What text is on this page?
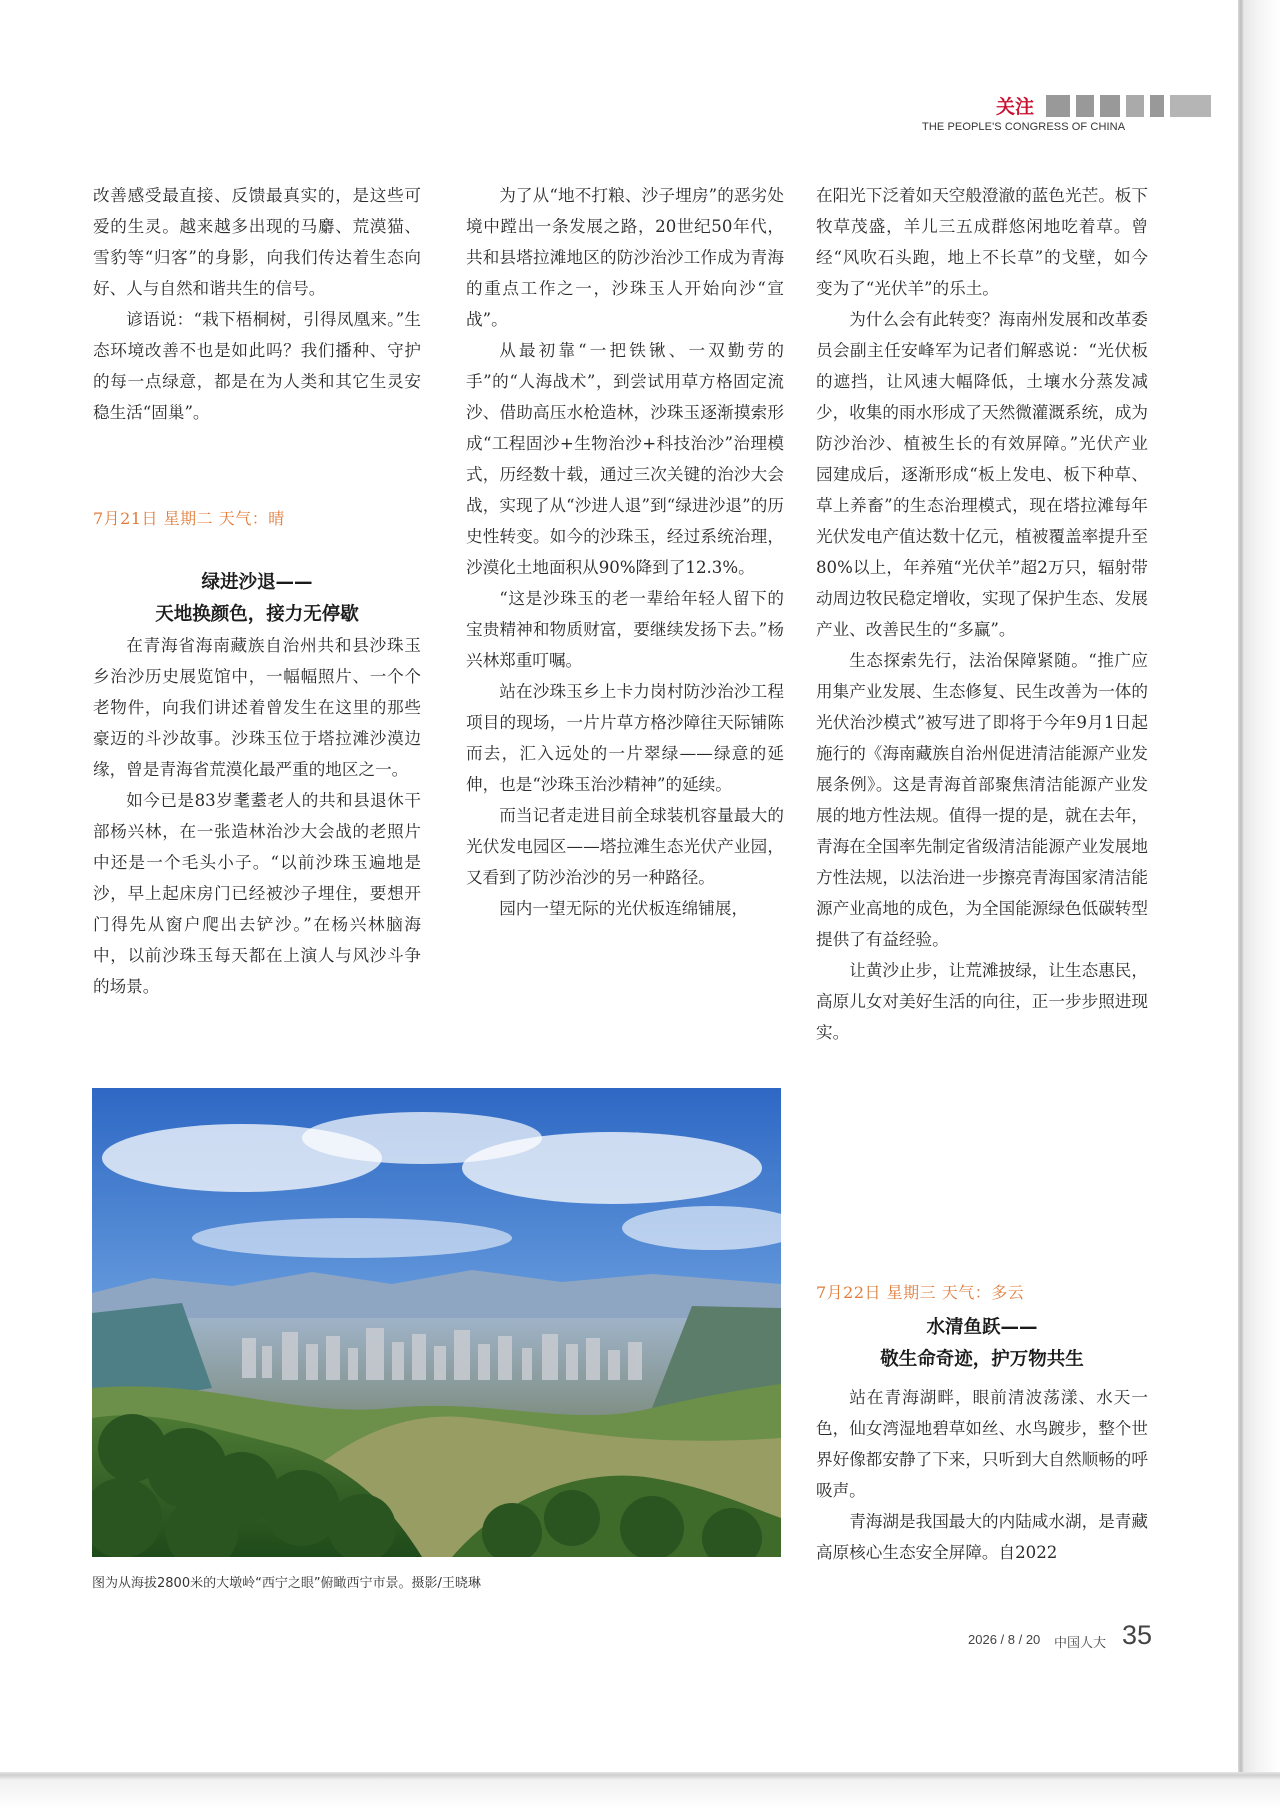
关注
THE PEOPLE'S CONGRESS OF CHINA

改善感受最直接、反馈最真实的，是这些可爱的生灵。越来越多出现的马麝、荒漠猫、雪豹等“归客”的身影，向我们传达着生态向好、人与自然和谐共生的信号。

谚语说：“栽下梧桐树，引得凤凰来。”生态环境改善不也是如此吗？我们播种、守护的每一点绿意，都是在为人类和其它生灵安稳生活“固巢”。

7月21日 星期二 天气：晴
绿进沙退——
天地换颜色，接力无停歇

在青海省海南藏族自治州共和县沙珠玉乡治沙历史展览馆中，一幅幅照片、一个个老物件，向我们讲述着曾发生在这里的那些豪迈的斗沙故事。沙珠玉位于塔拉滩沙漠边缘，曾是青海省荒漠化最严重的地区之一。

如今已是83岁耄耋老人的共和县退休干部杨兴林，在一张造林治沙大会战的老照片中还是一个毛头小子。“以前沙珠玉遍地是沙，早上起床房门已经被沙子埋住，要想开门得先从窗户爬出去铲沙。”在杨兴林脑海中，以前沙珠玉每天都在上演人与风沙斗争的场景。

为了从“地不打粮、沙子埋房”的恶劣处境中蹚出一条发展之路，20世纪50年代，共和县塔拉滩地区的防沙治沙工作成为青海的重点工作之一，沙珠玉人开始向沙“宣战”。

从最初靠“一把铁锹、一双勤劳的手”的“人海战术”，到尝试用草方格固定流沙、借助高压水枪造林，沙珠玉逐渐摸索形成“工程固沙+生物治沙+科技治沙”治理模式，历经数十载，通过三次关键的治沙大会战，实现了从“沙进人退”到“绿进沙退”的历史性转变。如今的沙珠玉，经过系统治理，沙漠化土地面积从90%降到了12.3%。

“这是沙珠玉的老一辈给年轻人留下的宝贵精神和物质财富，要继续发扬下去。”杨兴林郑重叮嘱。

站在沙珠玉乡上卡力岗村防沙治沙工程项目的现场，一片片草方格沙障往天际铺陈而去，汇入远处的一片翠绿——绿意的延伸，也是“沙珠玉治沙精神”的延续。

而当记者走进目前全球装机容量最大的光伏发电园区——塔拉滩生态光伏产业园，又看到了防沙治沙的另一种路径。

园内一望无际的光伏板连绵铺展，

在阳光下泛着如天空般澄澈的蓝色光芒。板下牧草茂盛，羊儿三五成群悠闲地吃着草。曾经“风吹石头跑，地上不长草”的戈壁，如今变为了“光伏羊”的乐土。

为什么会有此转变？海南州发展和改革委员会副主任安峰军为记者们解惑说：“光伏板的遮挡，让风速大幅降低，土壤水分蒸发减少，收集的雨水形成了天然微灌溉系统，成为防沙治沙、植被生长的有效屏障。”光伏产业园建成后，逐渐形成“板上发电、板下种草、草上养畜”的生态治理模式，现在塔拉滩每年光伏发电产值达数十亿元，植被覆盖率提升至80%以上，年养殖“光伏羊”超2万只，辐射带动周边牧民稳定增收，实现了保护生态、发展产业、改善民生的“多赢”。

生态探索先行，法治保障紧随。“推广应用集产业发展、生态修复、民生改善为一体的光伏治沙模式”被写进了即将于今年9月1日起施行的《海南藏族自治州促进清洁能源产业发展条例》。这是青海首部聚焦清洁能源产业发展的地方性法规。值得一提的是，就在去年，青海在全国率先制定省级清洁能源产业发展地方性法规，以法治进一步擦亮青海国家清洁能源产业高地的成色，为全国能源绿色低碳转型提供了有益经验。

让黄沙止步，让荒滩披绿，让生态惠民，高原儿女对美好生活的向往，正一步步照进现实。

7月22日 星期三 天气：多云
水清鱼跃——
敬生命奇迹，护万物共生

站在青海湖畔，眼前清波荡漾、水天一色，仙女湾湿地碧草如丝、水鸟踱步，整个世界好像都安静了下来，只听到大自然顺畅的呼吸声。

青海湖是我国最大的内陆咸水湖，是青藏高原核心生态安全屏障。自2022

图为从海拔2800米的大墩岭“西宁之眼”俯瞰西宁市景。摄影/王晓琳
2026 / 8 / 20 中国人大 35
